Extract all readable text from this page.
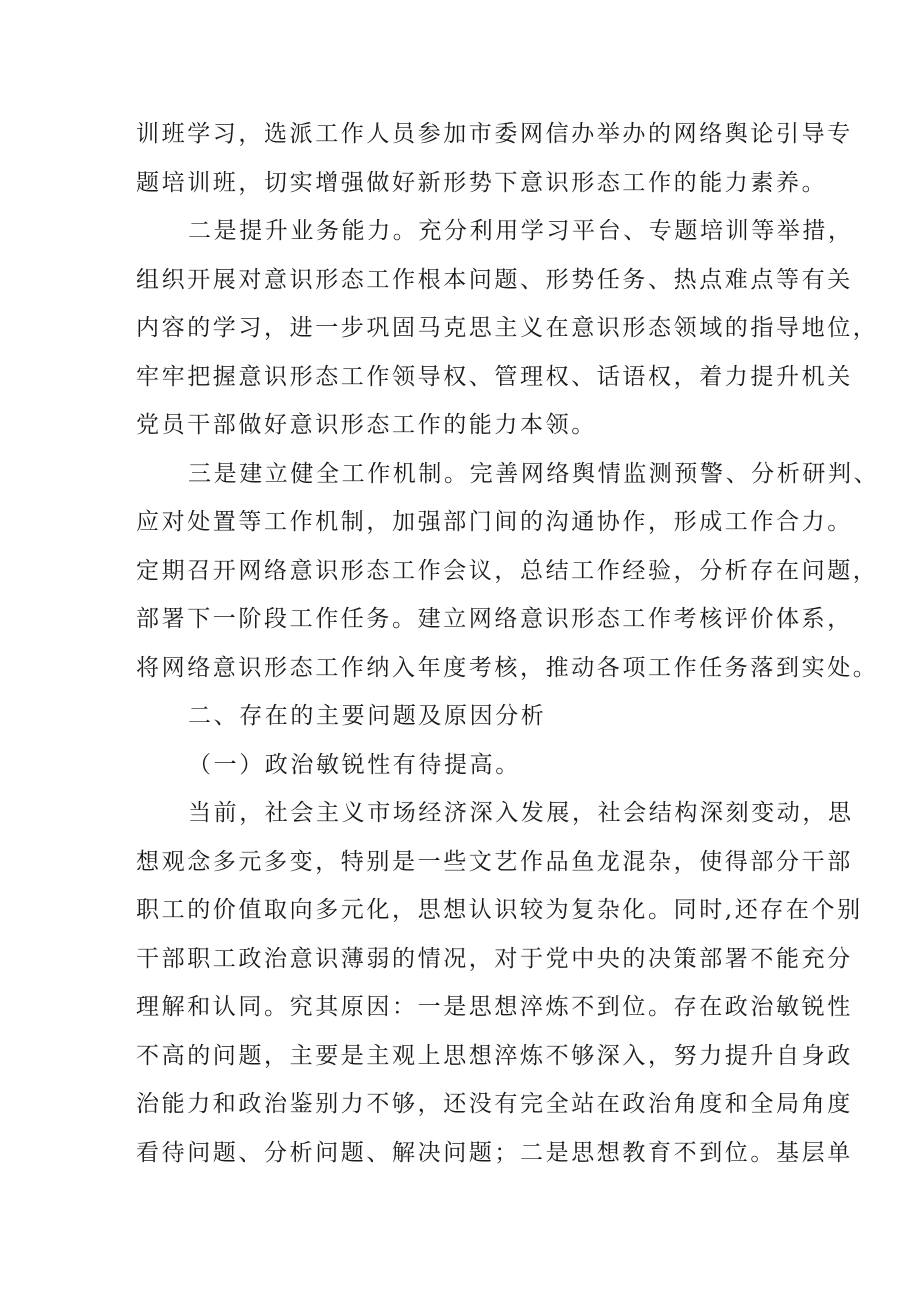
训班学习，选派工作人员参加市委网信办举办的网络舆论引导专
题培训班，切实增强做好新形势下意识形态工作的能力素养。

二是提升业务能力。充分利用学习平台、专题培训等举措，
组织开展对意识形态工作根本问题、形势任务、热点难点等有关
内容的学习，进一步巩固马克思主义在意识形态领域的指导地位，
牢牢把握意识形态工作领导权、管理权、话语权，着力提升机关
党员干部做好意识形态工作的能力本领。

三是建立健全工作机制。完善网络舆情监测预警、分析研判、
应对处置等工作机制，加强部门间的沟通协作，形成工作合力。
定期召开网络意识形态工作会议，总结工作经验，分析存在问题，
部署下一阶段工作任务。建立网络意识形态工作考核评价体系，
将网络意识形态工作纳入年度考核，推动各项工作任务落到实处。

二、存在的主要问题及原因分析

（一）政治敏锐性有待提高。

当前，社会主义市场经济深入发展，社会结构深刻变动，思
想观念多元多变，特别是一些文艺作品鱼龙混杂，使得部分干部
职工的价值取向多元化，思想认识较为复杂化。同时,还存在个别
干部职工政治意识薄弱的情况，对于党中央的决策部署不能充分
理解和认同。究其原因：一是思想淬炼不到位。存在政治敏锐性
不高的问题，主要是主观上思想淬炼不够深入，努力提升自身政
治能力和政治鉴别力不够，还没有完全站在政治角度和全局角度
看待问题、分析问题、解决问题；二是思想教育不到位。基层单
